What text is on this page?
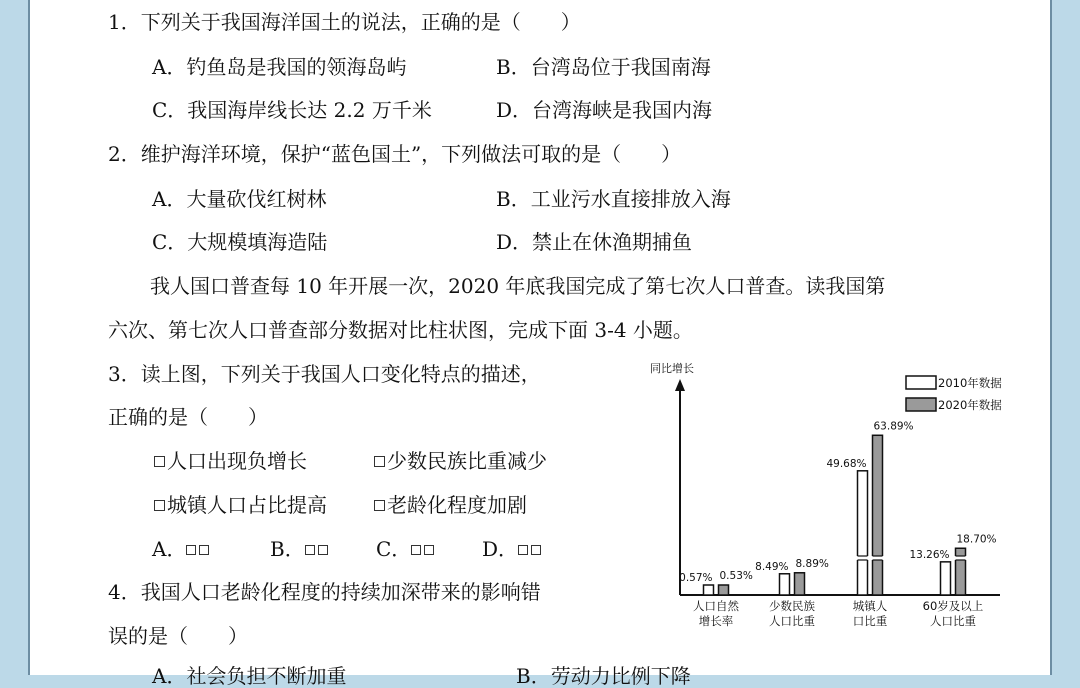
1．下列关于我国海洋国土的说法，正确的是（　　）
A．钓鱼岛是我国的领海岛屿	B．台湾岛位于我国南海
C．我国海岸线长达 2.2 万千米	D．台湾海峡是我国内海
2．维护海洋环境，保护“蓝色国土”，下列做法可取的是（　　）
A．大量砍伐红树林	B．工业污水直接排放入海
C．大规模填海造陆	D．禁止在休渔期捕鱼
我人国口普查每 10 年开展一次，2020 年底我国完成了第七次人口普查。读我国第
六次、第七次人口普查部分数据对比柱状图，完成下面 3-4 小题。
3．读上图，下列关于我国人口变化特点的描述，
正确的是（　　）
人口出现负增长	少数民族比重减少
城镇人口占比提高	老龄化程度加剧
A．	B．	C．	D．
4．我国人口老龄化程度的持续加深带来的影响错
误的是（　　）
A．社会负担不断加重	B．劳动力比例下降
同比增长
2010年数据
2020年数据
0.57% 0.53%
人口自然
增长率
8.49% 8.89%
少数民族
人口比重
49.68%
63.89%
城镇人
口比重
13.26%
18.70%
60岁及以上
人口比重
